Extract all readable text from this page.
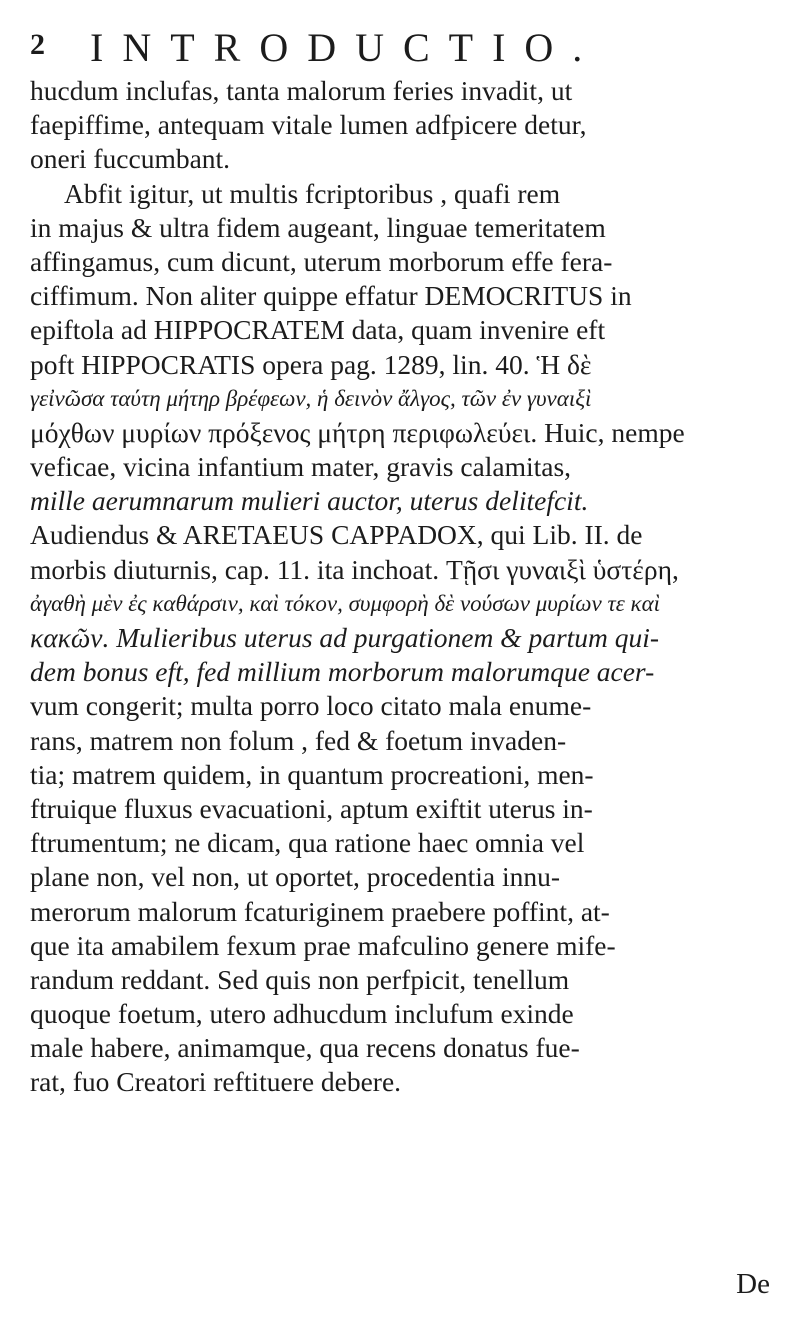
2 INTRODUCTIO.
hucdum inclufas, tanta malorum feries invadit, ut
faepiffime, antequam vitale lumen adfpicere detur,
oneri fuccumbant.
Abfit igitur, ut multis fcriptoribus , quafi rem
in majus & ultra fidem augeant, linguae temeritatem
affingamus, cum dicunt, uterum morborum effe fera-
ciffimum. Non aliter quippe effatur DEMOCRITUS in
epiftola ad HIPPOCRATEM data, quam invenire eft
poft HIPPOCRATIS opera pag. 1289, lin. 40. Ἡ δὲ
γεἰνῶσα ταύτη μήτηρ βρέφεων, ἡ δεινὸν ἄλγος, τῶν ἐν γυναιξὶ
μόχθων μυρίων πρόξενος μήτρη περιφωλεύει. Huic, nempe
veficae, vicina infantium mater, gravis calamitas,
mille aerumnarum mulieri auctor, uterus delitefcit.
Audiendus & ARETAEUS CAPPADOX, qui Lib. II. de
morbis diuturnis, cap. 11. ita inchoat. Τῇσι γυναιξὶ ὑστέρη,
ἀγαθὴ μὲν ἐς καθάρσιν, καὶ τόκον, συμφορὴ δὲ νούσων μυρίων τε καὶ
κακῶν. Mulieribus uterus ad purgationem & partum qui-
dem bonus eft, fed millium morborum malorumque acer-
vum congerit; multa porro loco citato mala enume-
rans, matrem non folum , fed & foetum invaden-
tia; matrem quidem, in quantum procreationi, men-
ftruique fluxus evacuationi, aptum exiftit uterus in-
ftrumentum; ne dicam, qua ratione haec omnia vel
plane non, vel non, ut oportet, procedentia innu-
merorum malorum fcaturiginem praebere poffint, at-
que ita amabilem fexum prae mafculino genere mife-
randum reddant. Sed quis non perfpicit, tenellum
quoque foetum, utero adhucdum inclufum exinde
male habere, animamque, qua recens donatus fue-
rat, fuo Creatori reftituere debere.
De
